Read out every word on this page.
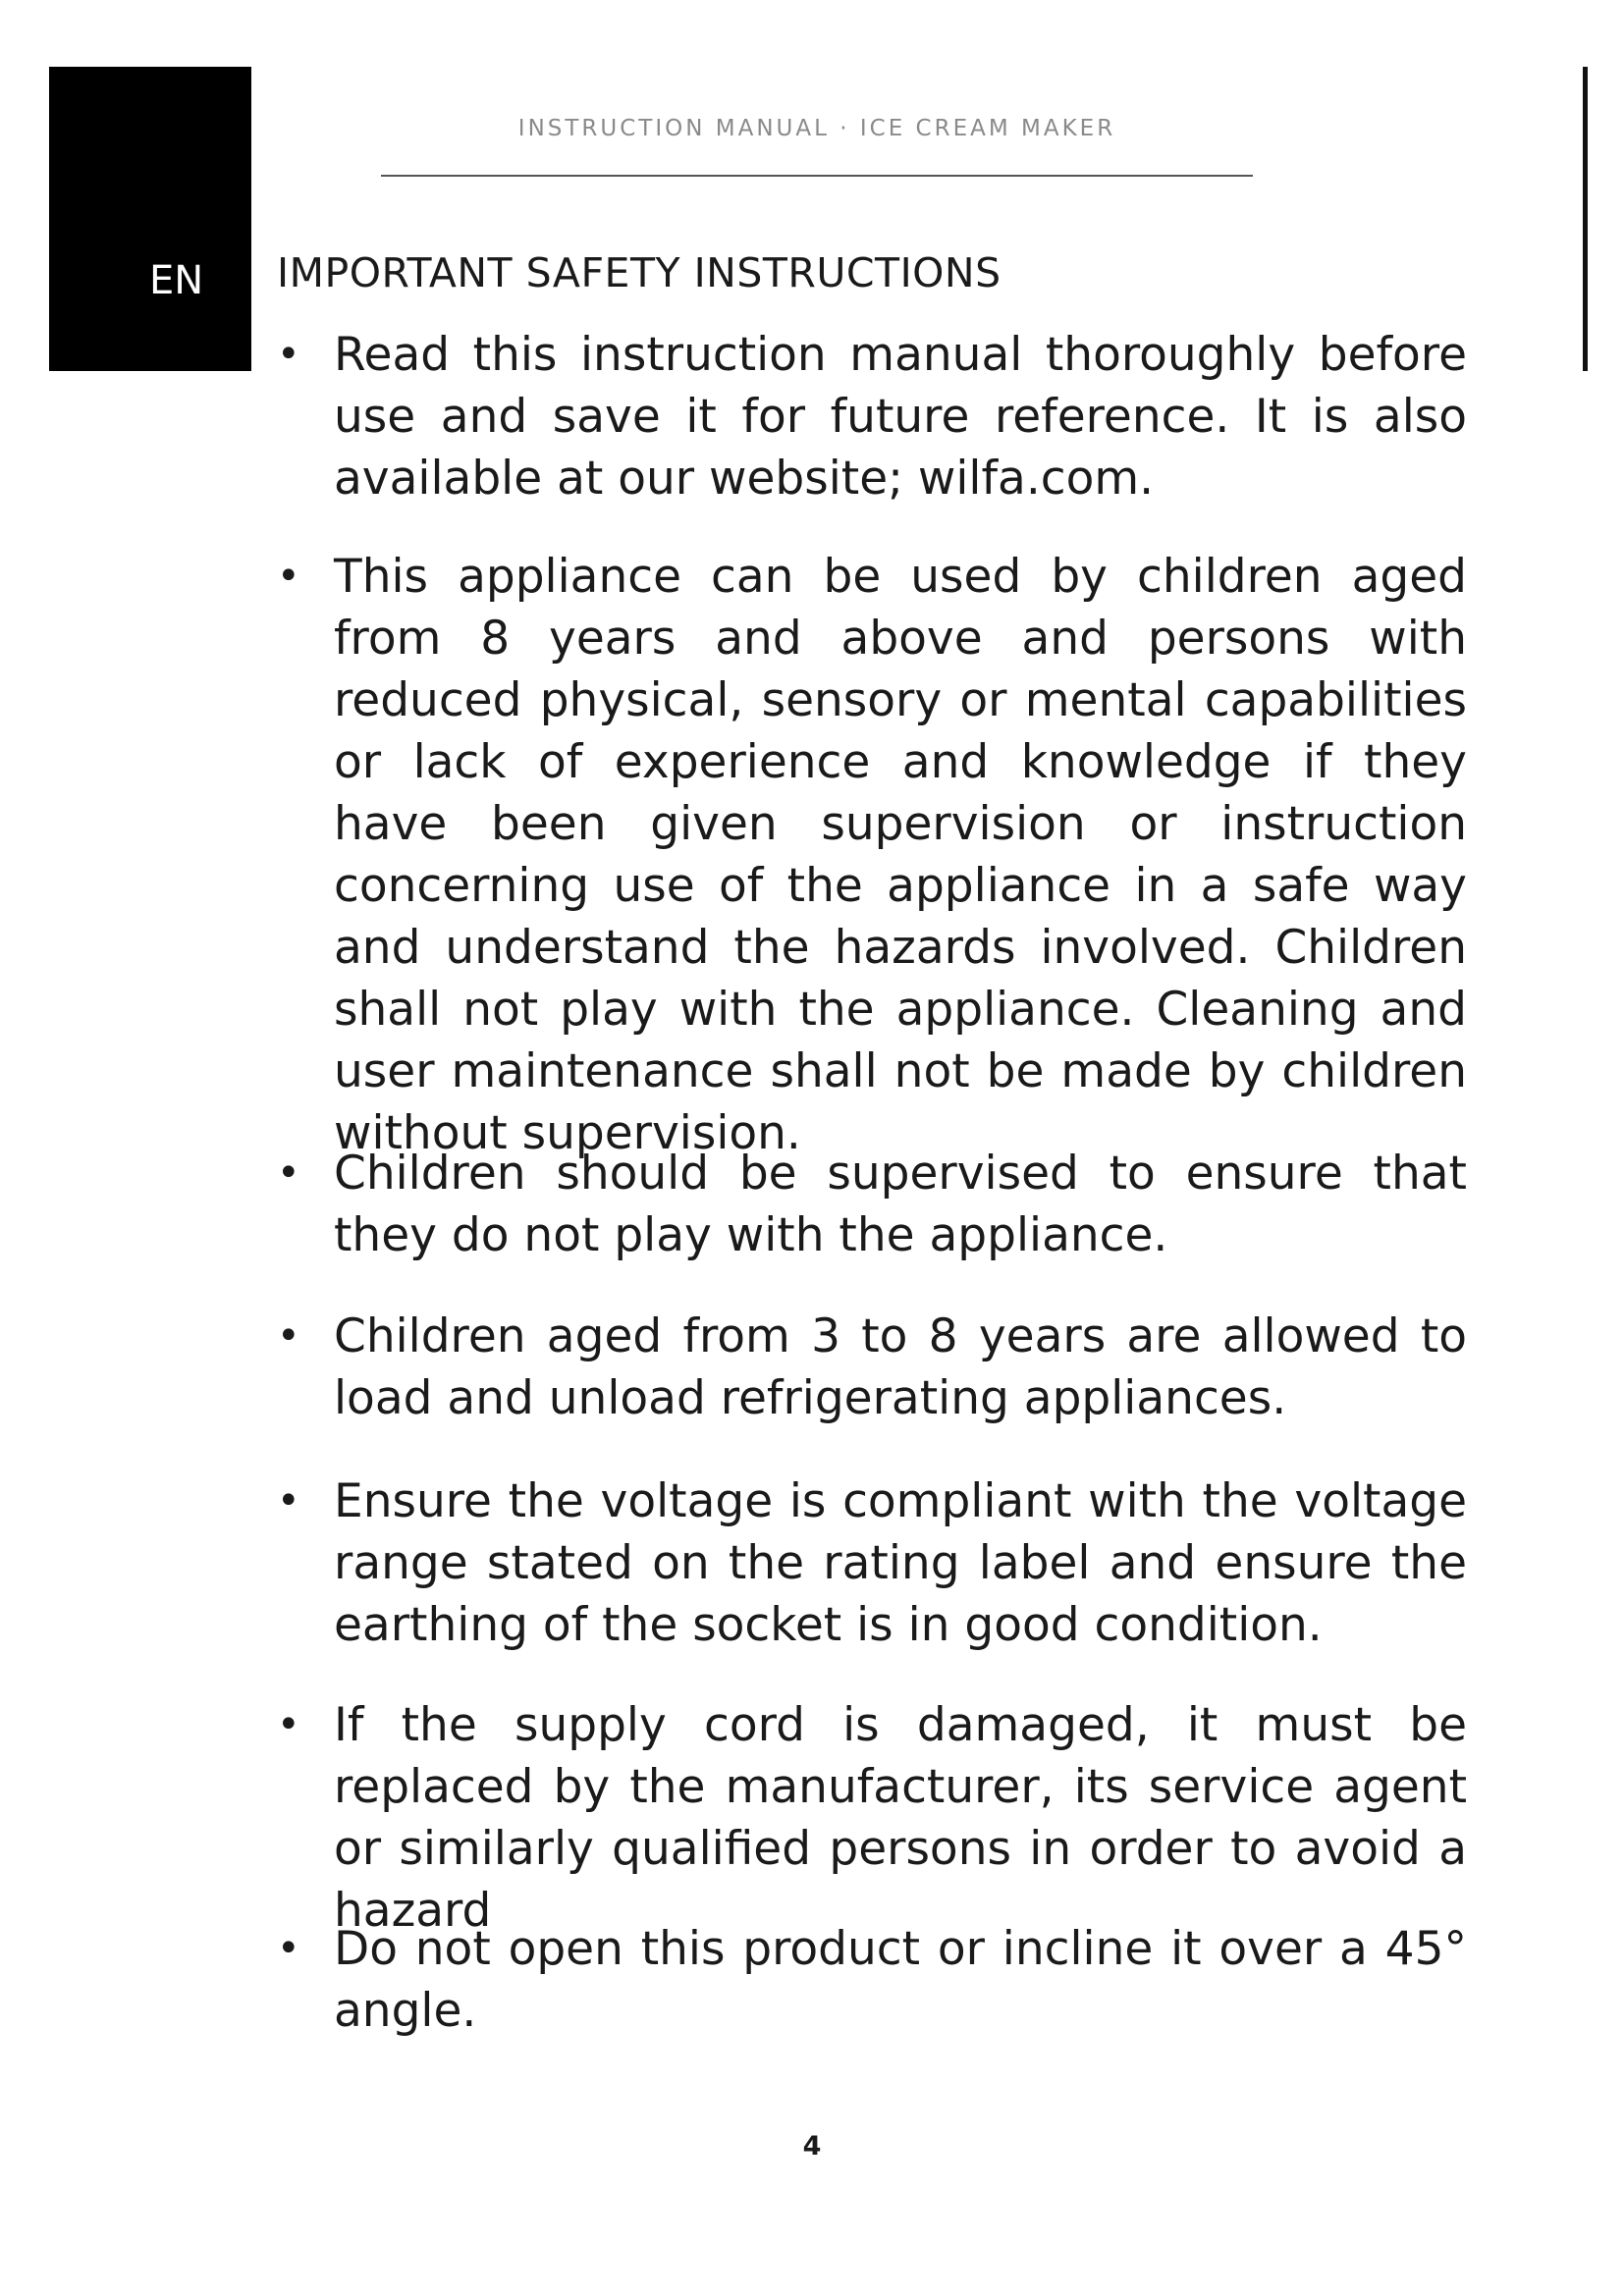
EN
INSTRUCTION MANUAL · ICE CREAM MAKER
IMPORTANT SAFETY INSTRUCTIONS
• Read this instruction manual thoroughly before use and save it for future reference. It is also available at our website; wilfa.com.
• This appliance can be used by children aged from 8 years and above and persons with reduced physical, sensory or mental capabilities or lack of experience and knowledge if they have been given supervision or instruction concerning use of the appliance in a safe way and understand the hazards involved. Children shall not play with the appliance. Cleaning and user maintenance shall not be made by children without supervision.
• Children should be supervised to ensure that they do not play with the appliance.
• Children aged from 3 to 8 years are allowed to load and unload refrigerating appliances.
• Ensure the voltage is compliant with the voltage range stated on the rating label and ensure the earthing of the socket is in good condition.
• If the supply cord is damaged, it must be replaced by the manufacturer, its service agent or similarly qualified persons in order to avoid a hazard
• Do not open this product or incline it over a 45° angle.
4
